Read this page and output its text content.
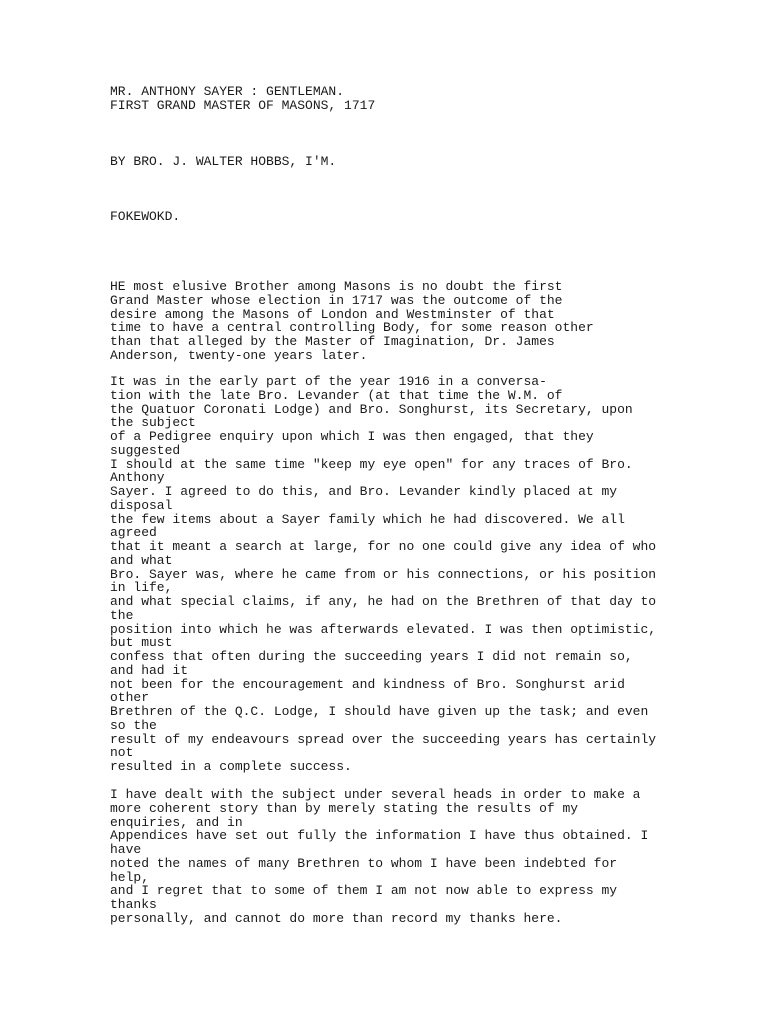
MR. ANTHONY SAYER : GENTLEMAN.
FIRST GRAND MASTER OF MASONS, 1717
BY BRO. J. WALTER HOBBS, I'M.
FOKEWOKD.
HE most elusive Brother among Masons is no doubt the first
Grand Master whose election in 1717 was the outcome of the
desire among the Masons of London and Westminster of that
time to have a central controlling Body, for some reason other
than that alleged by the Master of Imagination, Dr. James
Anderson, twenty-one years later.
It was in the early part of the year 1916 in a conversa-
tion with the late Bro. Levander (at that time the W.M. of
the Quatuor Coronati Lodge) and Bro. Songhurst, its Secretary, upon
the subject
of a Pedigree enquiry upon which I was then engaged, that they
suggested
I should at the same time "keep my eye open" for any traces of Bro.
Anthony
Sayer. I agreed to do this, and Bro. Levander kindly placed at my
disposal
the few items about a Sayer family which he had discovered. We all
agreed
that it meant a search at large, for no one could give any idea of who
and what
Bro. Sayer was, where he came from or his connections, or his position
in life,
and what special claims, if any, he had on the Brethren of that day to
the
position into which he was afterwards elevated. I was then optimistic,
but must
confess that often during the succeeding years I did not remain so,
and had it
not been for the encouragement and kindness of Bro. Songhurst arid
other
Brethren of the Q.C. Lodge, I should have given up the task; and even
so the
result of my endeavours spread over the succeeding years has certainly
not
resulted in a complete success.
I have dealt with the subject under several heads in order to make a
more coherent story than by merely stating the results of my
enquiries, and in
Appendices have set out fully the information I have thus obtained. I
have
noted the names of many Brethren to whom I have been indebted for
help,
and I regret that to some of them I am not now able to express my
thanks
personally, and cannot do more than record my thanks here.
